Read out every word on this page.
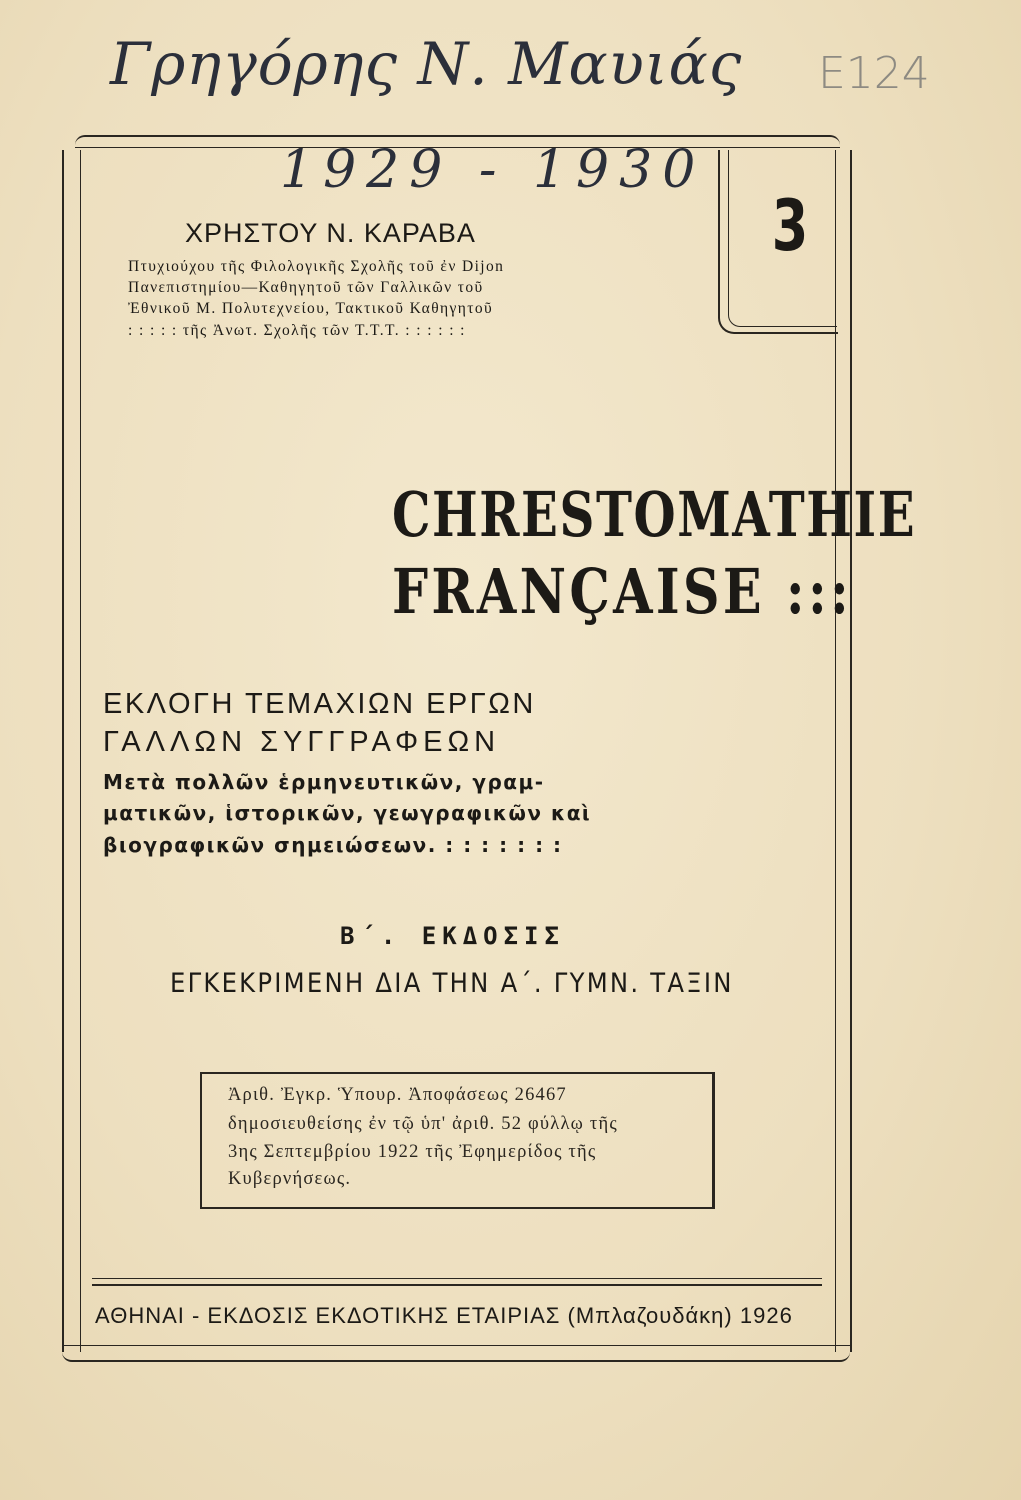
Γρηγόρης Ν. Μαυιάς E124
1929 - 1930
3
ΧΡΗΣΤΟΥ Ν. ΚΑΡΑΒΑ
Πτυχιούχου τῆς Φιλολογικῆς Σχολῆς τοῦ ἐν Dijon
Πανεπιστημίου—Καθηγητοῦ τῶν Γαλλικῶν τοῦ
Ἐθνικοῦ Μ. Πολυτεχνείου, Τακτικοῦ Καθηγητοῦ
: : : : : τῆς Ἀνωτ. Σχολῆς τῶν Τ.Τ.Τ. : : : : : :
CHRESTOMATHIE
FRANÇAISE :::
ΕΚΛΟΓΗ ΤΕΜΑΧΙΩΝ ΕΡΓΩΝ
ΓΑΛΛΩΝ ΣΥΓΓΡΑΦΕΩΝ
Μετὰ πολλῶν ἑρμηνευτικῶν, γραμ-
ματικῶν, ἱστορικῶν, γεωγραφικῶν καὶ
βιογραφικῶν σημειώσεων. : : : : : : :
Β΄. ΕΚΔΟΣΙΣ
ΕΓΚΕΚΡΙΜΕΝΗ ΔΙΑ ΤΗΝ Α΄. ΓΥΜΝ. ΤΑΞΙΝ
Ἀριθ. Ἐγκρ. Ὑπουρ. Ἀποφάσεως 26467
δημοσιευθείσης ἐν τῷ ὑπ' ἀριθ. 52 φύλλῳ τῆς
3ης Σεπτεμβρίου 1922 τῆς Ἐφημερίδος τῆς
Κυβερνήσεως.
ΑΘΗΝΑΙ - ΕΚΔΟΣΙΣ ΕΚΔΟΤΙΚΗΣ ΕΤΑΙΡΙΑΣ (Μπλαζουδάκη) 1926
